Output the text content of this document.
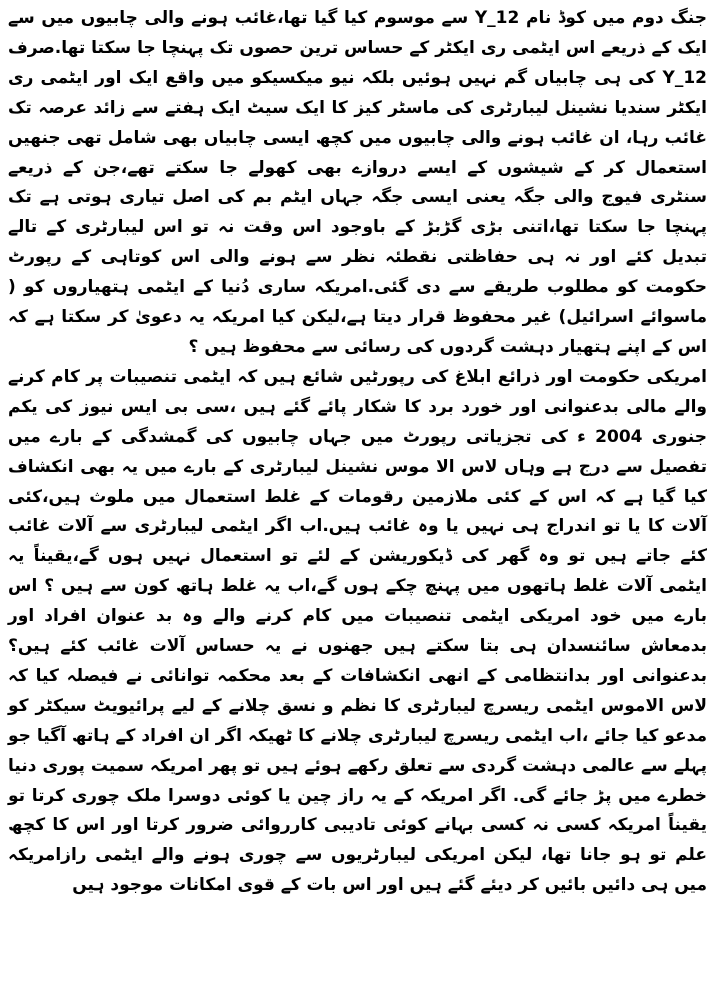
جنگ دوم میں کوڈ نام Y_12 سے موسوم کیا گیا تھا،غائب ہونے والی چابیوں میں سے ایک کے ذریعے اس ایٹمی ری ایکٹر کے حساس ترین حصوں تک پہنچا جا سکتا تھا.صرف Y_12 کی ہی چابیاں گم نہیں ہوئیں بلکہ نیو میکسیکو میں واقع ایک اور ایٹمی ری ایکٹر سندیا نشینل لیبارٹری کی ماسٹر کیز کا ایک سیٹ ایک ہفتے سے زائد عرصہ تک غائب رہا، ان غائب ہونے والی چابیوں میں کچھ ایسی چابیاں بھی شامل تھی جنھیں استعمال کر کے شیشوں کے ایسے دروازے بھی کھولے جا سکتے تھے،جن کے ذریعے سنٹری فیوج والی جگہ یعنی ایسی جگہ جہاں ایٹم بم کی اصل تیاری ہوتی ہے تک پہنچا جا سکتا تھا،اتنی بڑی گڑبڑ کے باوجود اس وقت نہ تو اس لیبارٹری کے تالے تبدیل کئے اور نہ ہی حفاظتی نقطئہ نظر سے ہونے والی اس کوتاہی کے رپورٹ حکومت کو مطلوب طریقے سے دی گئی.امریکہ ساری دُنیا کے ایٹمی ہتھیاروں کو ( ماسوائے اسرائیل) غیر محفوظ قرار دیتا ہے،لیکن کیا امریکہ یہ دعویٰ کر سکتا ہے کہ اس کے اپنے ہتھیار دہشت گردوں کی رسائی سے محفوظ ہیں ؟

امریکی حکومت اور ذرائع ابلاغ کی رپورٹیں شائع ہیں کہ ایٹمی تنصیبات پر کام کرنے والے مالی بدعنوانی اور خورد برد کا شکار پائے گئے ہیں ،سی بی ایس نیوز کی یکم جنوری 2004 ء کی تجزیاتی رپورٹ میں جہاں چابیوں کی گمشدگی کے بارے میں تفصیل سے درج ہے وہاں لاس الا موس نشینل لیبارٹری کے بارے میں یہ بھی انکشاف کیا گیا ہے کہ اس کے کئی ملازمین رقومات کے غلط استعمال میں ملوث ہیں،کئی آلات کا یا تو اندراج ہی نہیں یا وہ غائب ہیں.اب اگر ایٹمی لیبارٹری سے آلات غائب کئے جاتے ہیں تو وہ گھر کی ڈیکوریشن کے لئے تو استعمال نہیں ہوں گے،یقیناً یہ ایٹمی آلات غلط ہاتھوں میں پہنچ چکے ہوں گے،اب یہ غلط ہاتھ کون سے ہیں ؟ اس بارے میں خود امریکی ایٹمی تنصیبات میں کام کرنے والے وہ بد عنوان افراد اور بدمعاش سائنسدان ہی بتا سکتے ہیں جھنوں نے یہ حساس آلات غائب کئے ہیں؟بدعنوانی اور بدانتظامی کے انھی انکشافات کے بعد محکمہ توانائی نے فیصلہ کیا کہ لاس الاموس ایٹمی ریسرچ لیبارٹری کا نظم و نسق چلانے کے لیے پرائیویٹ سیکٹر کو مدعو کیا جائے ،اب ایٹمی ریسرچ لیبارٹری چلانے کا ٹھیکہ اگر ان افراد کے ہاتھ آگیا جو پہلے سے عالمی دہشت گردی سے تعلق رکھے ہوئے ہیں تو پھر امریکہ سمیت پوری دنیا خطرے میں پڑ جائے گی. اگر امریکہ کے یہ راز چین یا کوئی دوسرا ملک چوری کرتا تو یقیناً امریکہ کسی نہ کسی بہانے کوئی تادیبی کارروائی ضرور کرتا اور اس کا کچھ علم تو ہو جانا تھا، لیکن امریکی لیبارٹریوں سے چوری ہونے والے ایٹمی رازامریکہ میں ہی دائیں بائیں کر دیئے گئے ہیں اور اس بات کے قوی امکانات موجود ہیں
